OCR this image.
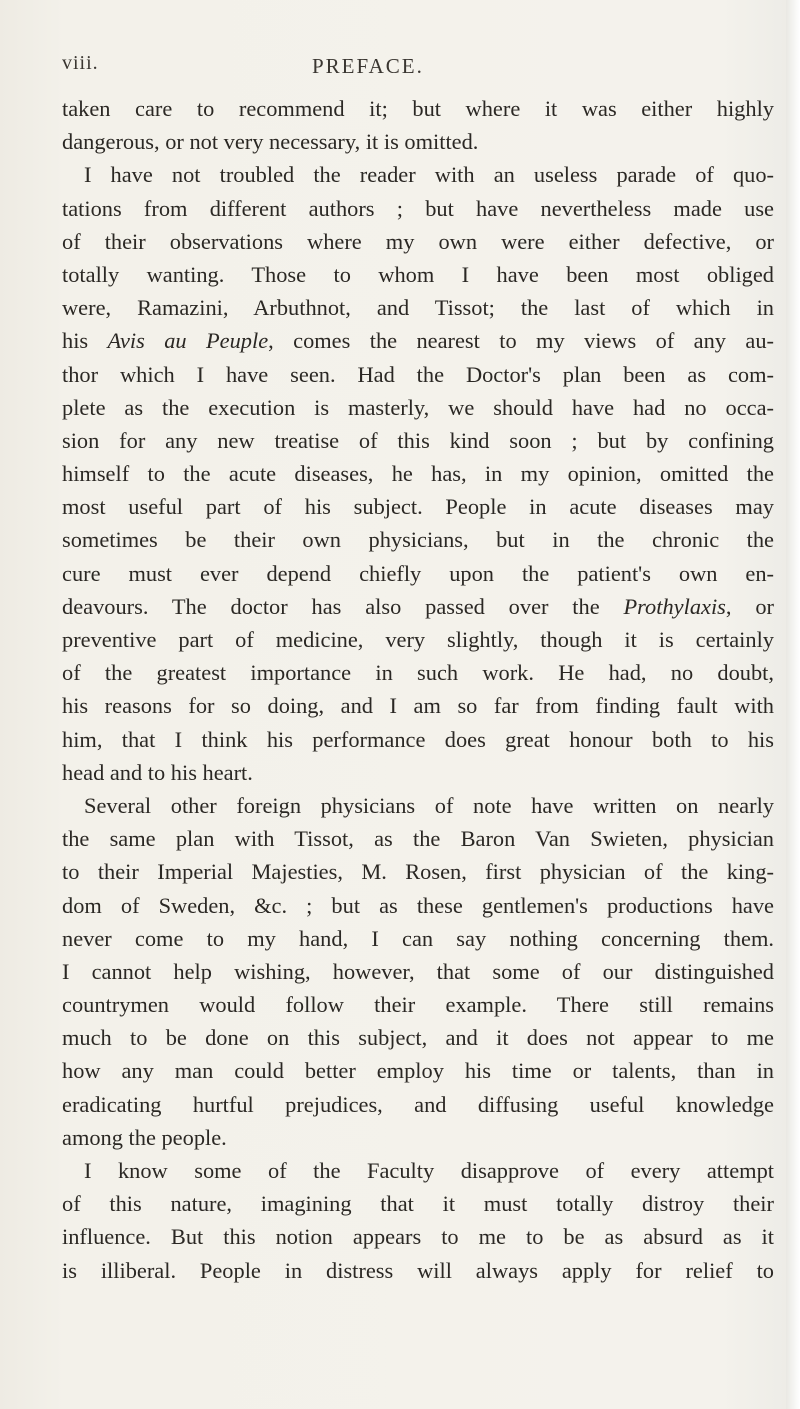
viii.	PREFACE.
taken care to recommend it; but where it was either highly
dangerous, or not very necessary, it is omitted.
I have not troubled the reader with an useless parade of quo-
tations from different authors ; but have nevertheless made use
of their observations where my own were either defective, or
totally wanting. Those to whom I have been most obliged
were, Ramazini, Arbuthnot, and Tissot; the last of which in
his Avis au Peuple, comes the nearest to my views of any au-
thor which I have seen. Had the Doctor's plan been as com-
plete as the execution is masterly, we should have had no occa-
sion for any new treatise of this kind soon ; but by confining
himself to the acute diseases, he has, in my opinion, omitted the
most useful part of his subject. People in acute diseases may
sometimes be their own physicians, but in the chronic the
cure must ever depend chiefly upon the patient's own en-
deavours. The doctor has also passed over the Prothylaxis, or
preventive part of medicine, very slightly, though it is certainly
of the greatest importance in such work. He had, no doubt,
his reasons for so doing, and I am so far from finding fault with
him, that I think his performance does great honour both to his
head and to his heart.
Several other foreign physicians of note have written on nearly
the same plan with Tissot, as the Baron Van Swieten, physician
to their Imperial Majesties, M. Rosen, first physician of the king-
dom of Sweden, &c. ; but as these gentlemen's productions have
never come to my hand, I can say nothing concerning them.
I cannot help wishing, however, that some of our distinguished
countrymen would follow their example. There still remains
much to be done on this subject, and it does not appear to me
how any man could better employ his time or talents, than in
eradicating hurtful prejudices, and diffusing useful knowledge
among the people.
I know some of the Faculty disapprove of every attempt
of this nature, imagining that it must totally distroy their
influence. But this notion appears to me to be as absurd as it
is illiberal. People in distress will always apply for relief to
